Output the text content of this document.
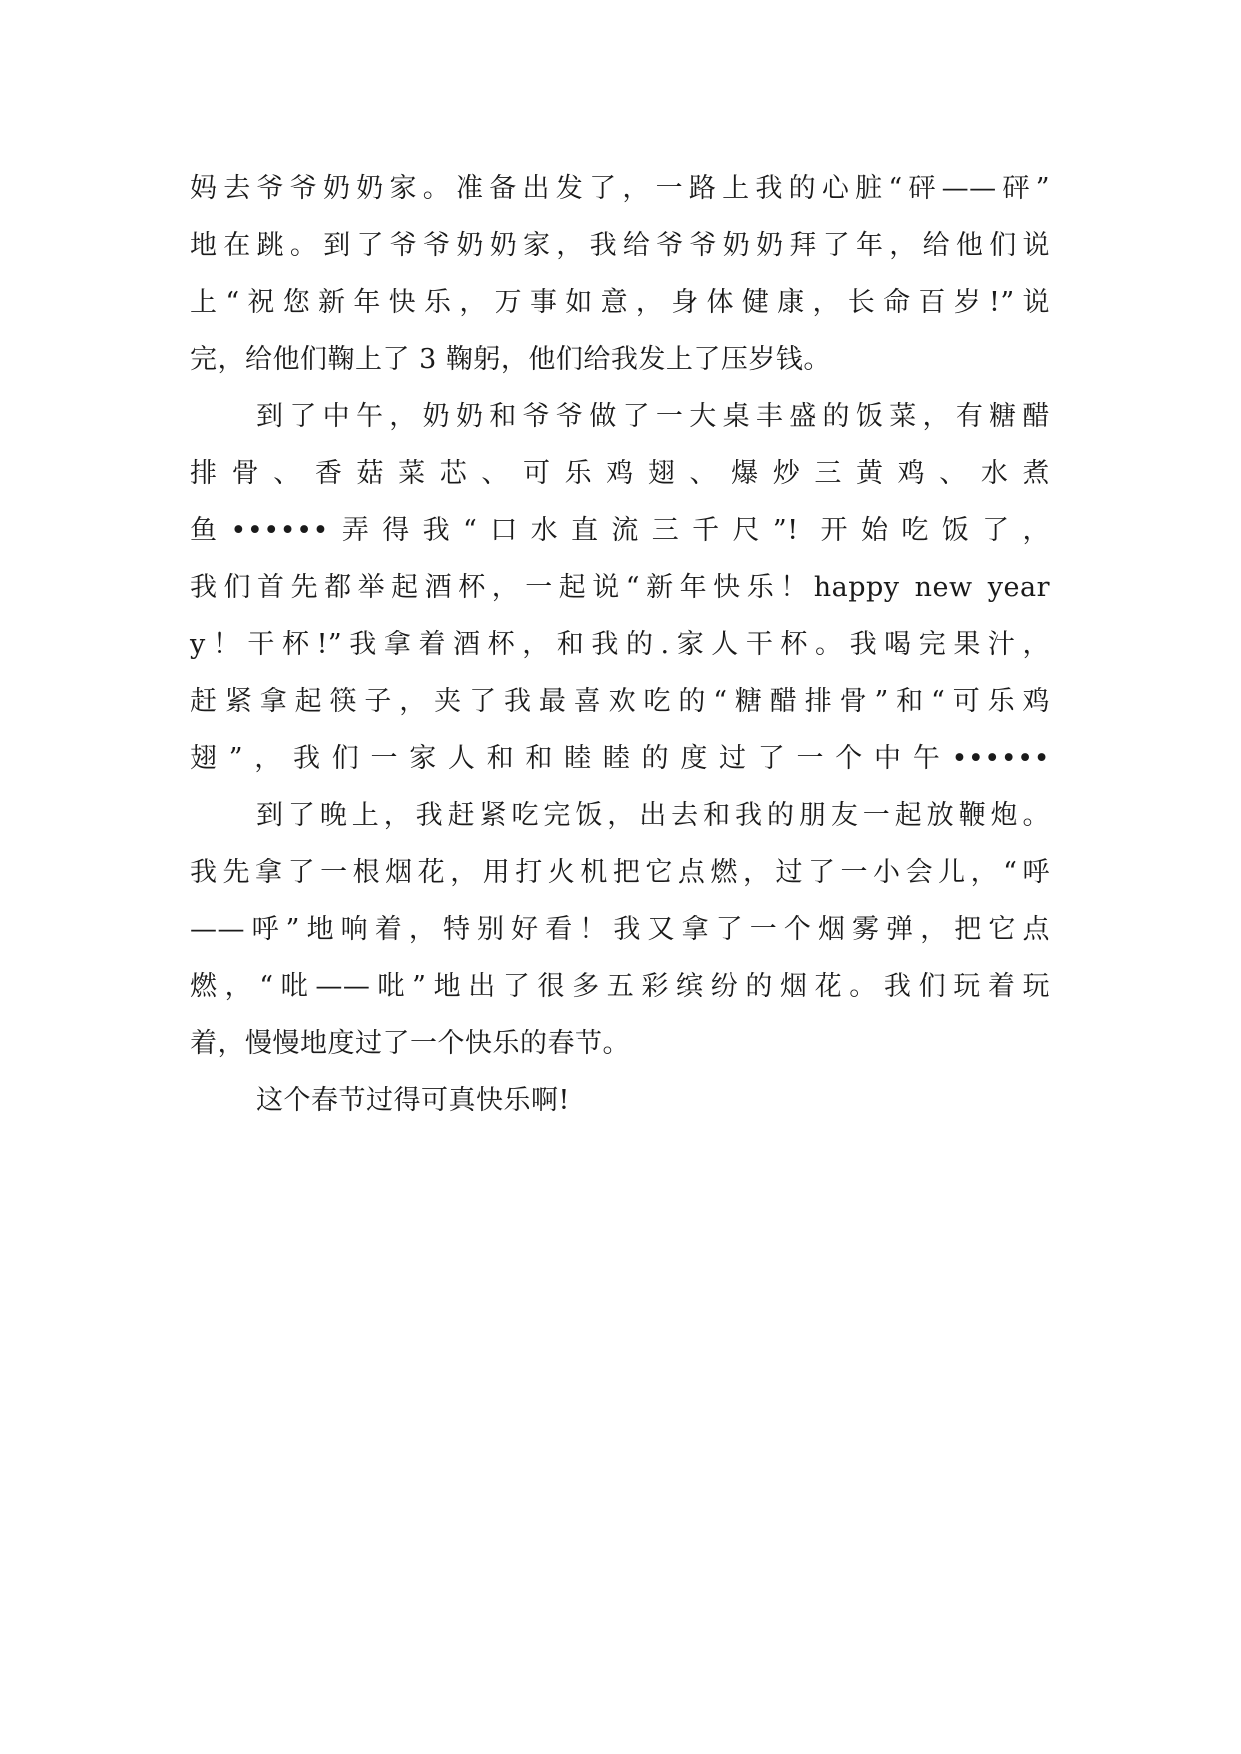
妈去爷爷奶奶家。准备出发了，一路上我的心脏“砰——砰”
地在跳。到了爷爷奶奶家，我给爷爷奶奶拜了年，给他们说
上“祝您新年快乐，万事如意，身体健康，长命百岁!”说
完，给他们鞠上了 3 鞠躬，他们给我发上了压岁钱。
到了中午，奶奶和爷爷做了一大桌丰盛的饭菜，有糖醋
排骨、香菇菜芯、可乐鸡翅、爆炒三黄鸡、水煮
鱼••••••弄得我“口水直流三千尺”! 开始吃饭了，
我们首先都举起酒杯，一起说“新年快乐！happy new year
y！干杯!”我拿着酒杯，和我的.家人干杯。我喝完果汁，
赶紧拿起筷子，夹了我最喜欢吃的“糖醋排骨”和“可乐鸡
翅”，我们一家人和和睦睦的度过了一个中午••••••
到了晚上，我赶紧吃完饭，出去和我的朋友一起放鞭炮。
我先拿了一根烟花，用打火机把它点燃，过了一小会儿，“呼
——呼”地响着，特别好看！我又拿了一个烟雾弹，把它点
燃，“吡——吡”地出了很多五彩缤纷的烟花。我们玩着玩
着，慢慢地度过了一个快乐的春节。
这个春节过得可真快乐啊!
